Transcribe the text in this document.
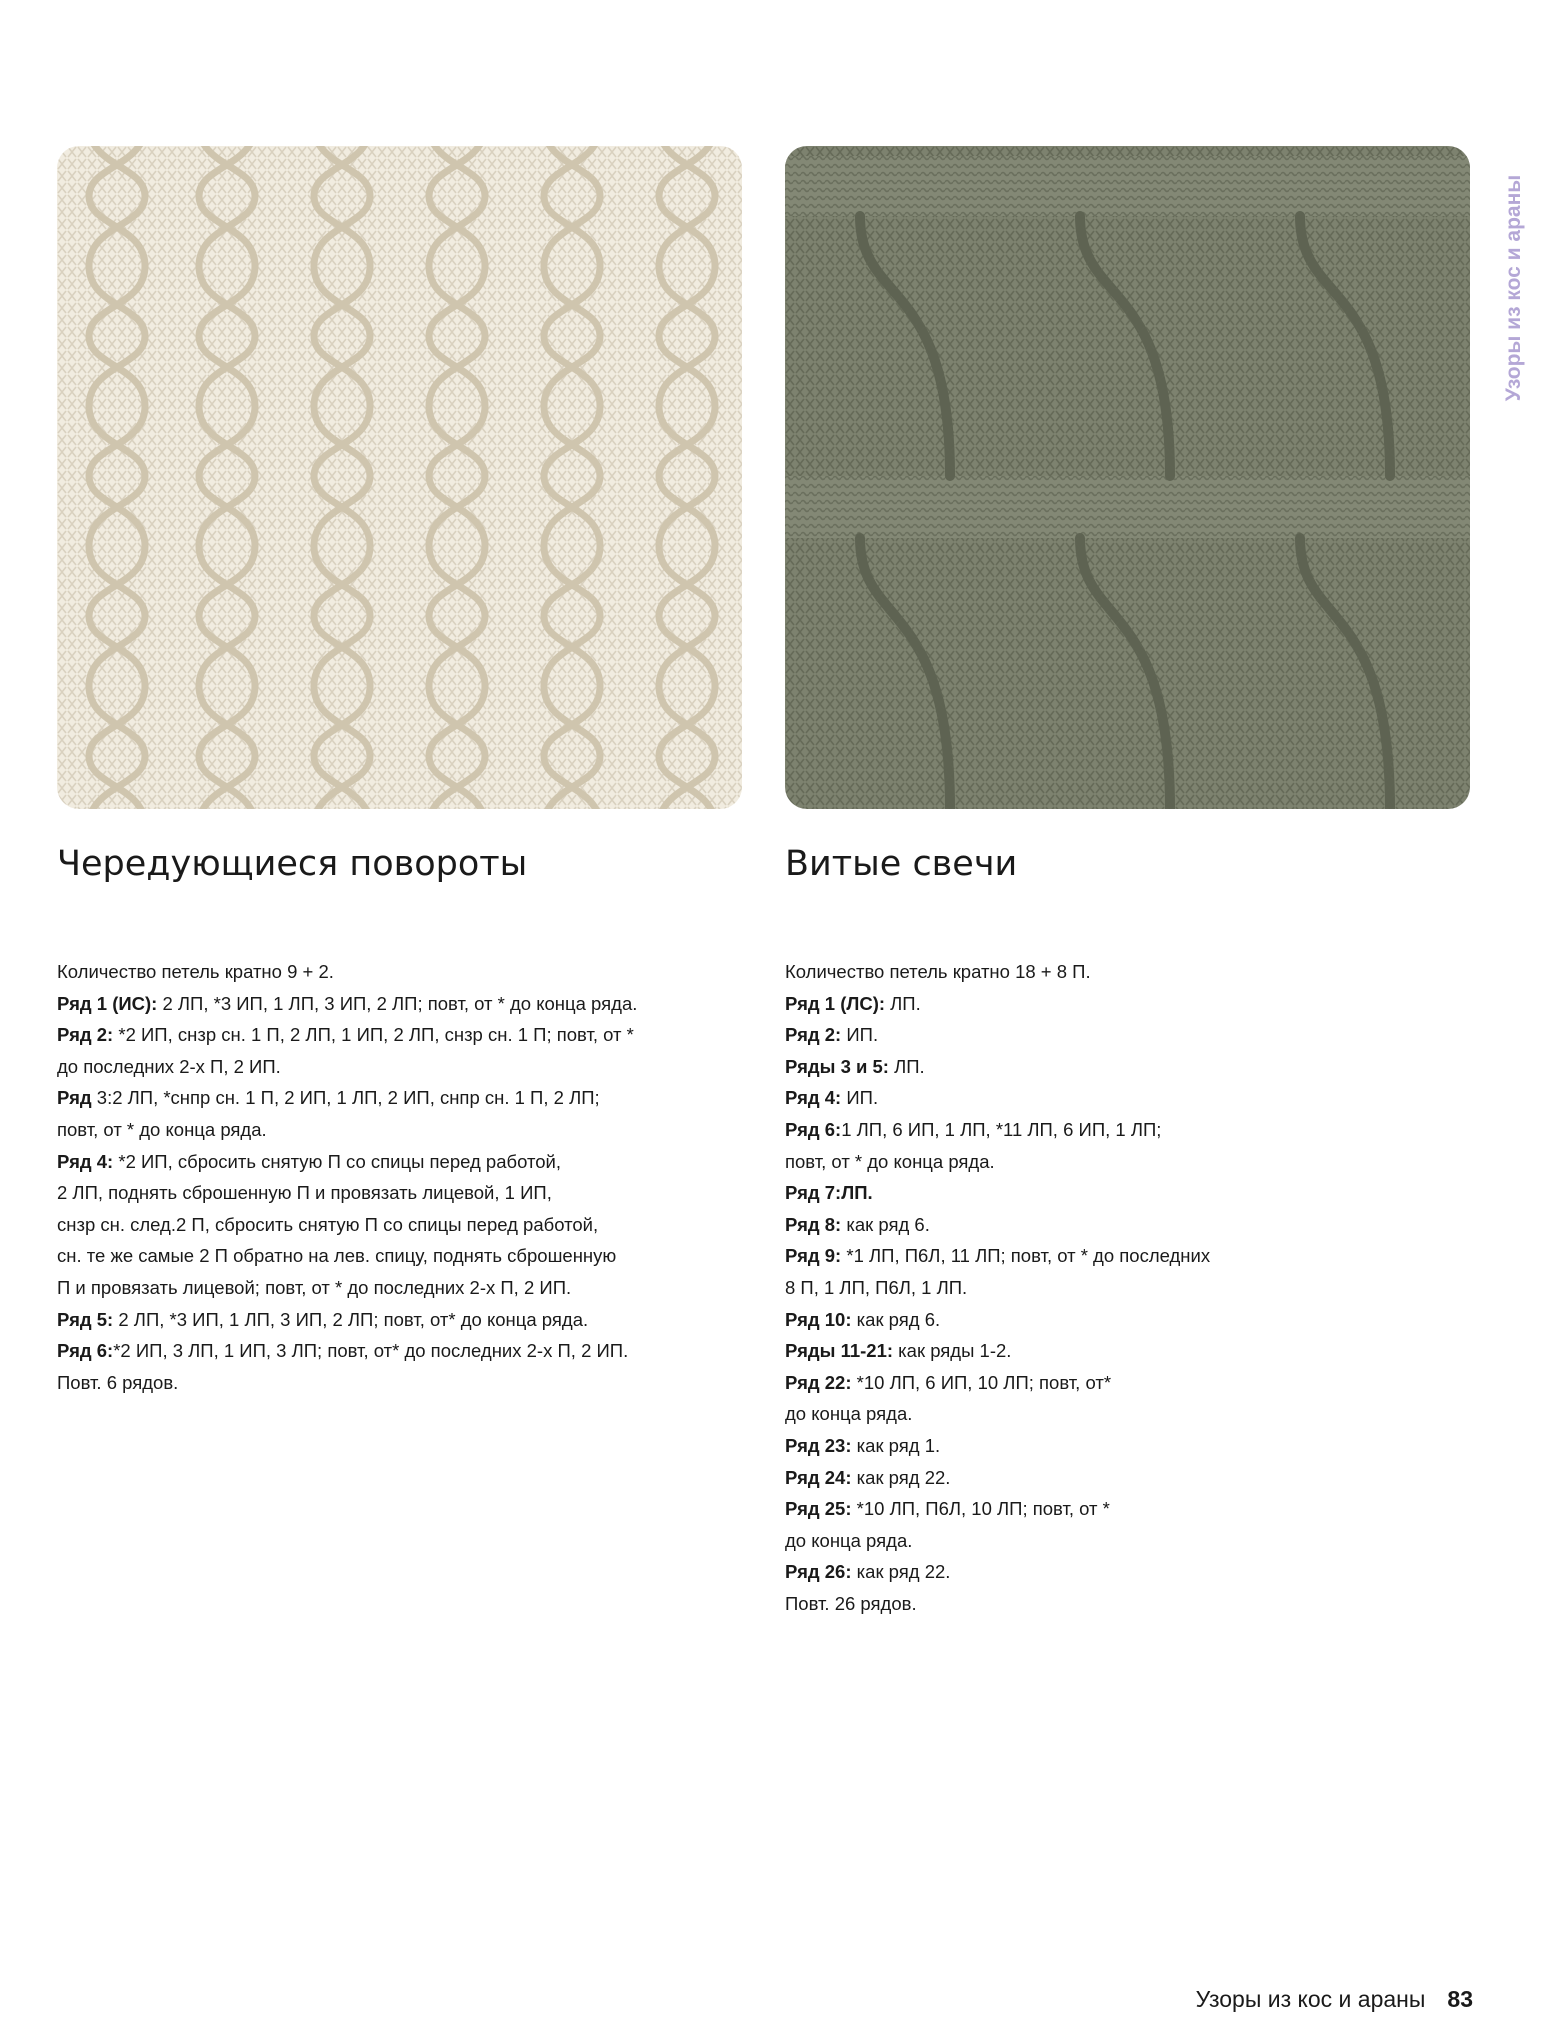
Узоры из кос и араны
Чередующиеся повороты
Количество петель кратно 9 + 2.
Ряд 1 (ИС): 2 ЛП, *3 ИП, 1 ЛП, 3 ИП, 2 ЛП; повт, от * до конца ряда.
Ряд 2: *2 ИП, снзр сн. 1 П, 2 ЛП, 1 ИП, 2 ЛП, снзр сн. 1 П; повт, от *
до последних 2-х П, 2 ИП.
Ряд 3:2 ЛП, *снпр сн. 1 П, 2 ИП, 1 ЛП, 2 ИП, снпр сн. 1 П, 2 ЛП;
повт, от * до конца ряда.
Ряд 4: *2 ИП, сбросить снятую П со спицы перед работой,
2 ЛП, поднять сброшенную П и провязать лицевой, 1 ИП,
снзр сн. след.2 П, сбросить снятую П со спицы перед работой,
сн. те же самые 2 П обратно на лев. спицу, поднять сброшенную
П и провязать лицевой; повт, от * до последних 2-х П, 2 ИП.
Ряд 5: 2 ЛП, *3 ИП, 1 ЛП, 3 ИП, 2 ЛП; повт, от* до конца ряда.
Ряд 6:*2 ИП, 3 ЛП, 1 ИП, 3 ЛП; повт, от* до последних 2-х П, 2 ИП.
Повт. 6 рядов.
Витые свечи
Количество петель кратно 18 + 8 П.
Ряд 1 (ЛС): ЛП.
Ряд 2: ИП.
Ряды 3 и 5: ЛП.
Ряд 4: ИП.
Ряд 6:1 ЛП, 6 ИП, 1 ЛП, *11 ЛП, 6 ИП, 1 ЛП;
повт, от * до конца ряда.
Ряд 7:ЛП.
Ряд 8: как ряд 6.
Ряд 9: *1 ЛП, П6Л, 11 ЛП; повт, от * до последних
8 П, 1 ЛП, П6Л, 1 ЛП.
Ряд 10: как ряд 6.
Ряды 11-21: как ряды 1-2.
Ряд 22: *10 ЛП, 6 ИП, 10 ЛП; повт, от*
до конца ряда.
Ряд 23: как ряд 1.
Ряд 24: как ряд 22.
Ряд 25: *10 ЛП, П6Л, 10 ЛП; повт, от *
до конца ряда.
Ряд 26: как ряд 22.
Повт. 26 рядов.
Узоры из кос и араны 83
